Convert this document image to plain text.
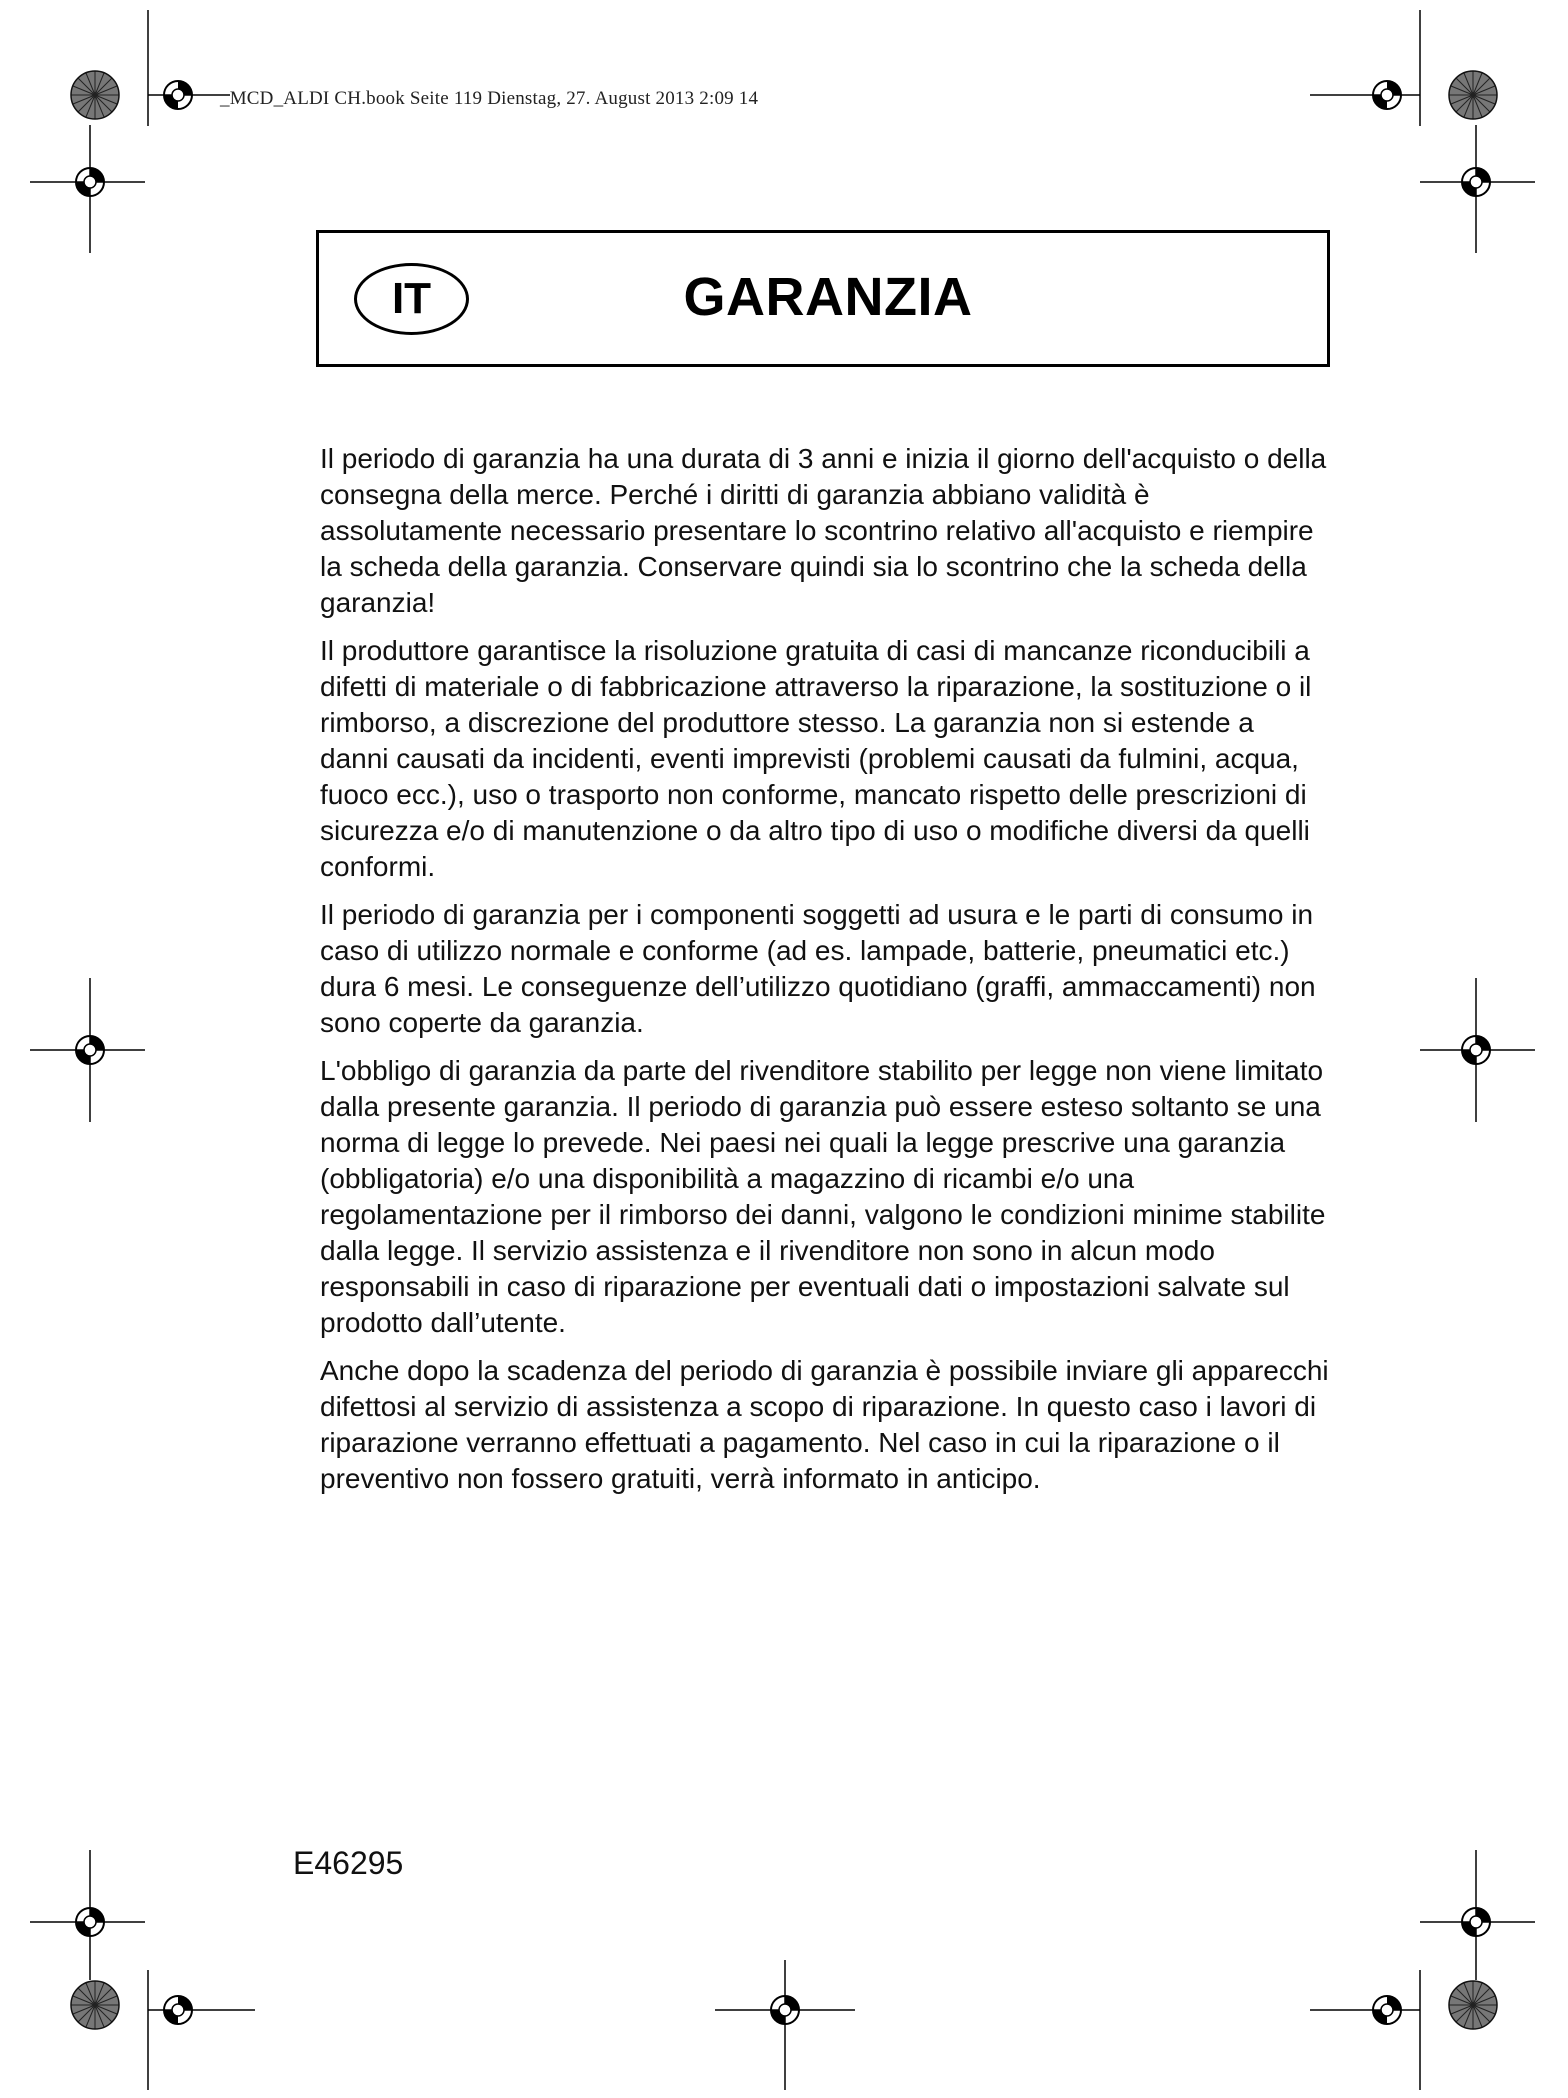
_MCD_ALDI CH.book Seite 119 Dienstag, 27. August 2013 2:09 14
IT	GARANZIA

Il periodo di garanzia ha una durata di 3 anni e inizia il giorno dell'acquisto o della consegna della merce. Perché i diritti di garanzia abbiano validità è assolutamente necessario presentare lo scontrino relativo all'acquisto e riempire la scheda della garanzia. Conservare quindi sia lo scontrino che la scheda della garanzia!

Il produttore garantisce la risoluzione gratuita di casi di mancanze riconducibili a difetti di materiale o di fabbricazione attraverso la riparazione, la sostituzione o il rimborso, a discrezione del produttore stesso. La garanzia non si estende a danni causati da incidenti, eventi imprevisti (problemi causati da fulmini, acqua, fuoco ecc.), uso o trasporto non conforme, mancato rispetto delle prescrizioni di sicurezza e/o di manutenzione o da altro tipo di uso o modifiche diversi da quelli conformi.

Il periodo di garanzia per i componenti soggetti ad usura e le parti di consumo in caso di utilizzo normale e conforme (ad es. lampade, batterie, pneumatici etc.) dura 6 mesi. Le conseguenze dell’utilizzo quotidiano (graffi, ammaccamenti) non sono coperte da garanzia.

L'obbligo di garanzia da parte del rivenditore stabilito per legge non viene limitato dalla presente garanzia. Il periodo di garanzia può essere esteso soltanto se una norma di legge lo prevede. Nei paesi nei quali la legge prescrive una garanzia (obbligatoria) e/o una disponibilità a magazzino di ricambi e/o una regolamentazione per il rimborso dei danni, valgono le condizioni minime stabilite dalla legge. Il servizio assistenza e il rivenditore non sono in alcun modo responsabili in caso di riparazione per eventuali dati o impostazioni salvate sul prodotto dall’utente.

Anche dopo la scadenza del periodo di garanzia è possibile inviare gli apparecchi difettosi al servizio di assistenza a scopo di riparazione. In questo caso i lavori di riparazione verranno effettuati a pagamento. Nel caso in cui la riparazione o il preventivo non fossero gratuiti, verrà informato in anticipo.

E46295
